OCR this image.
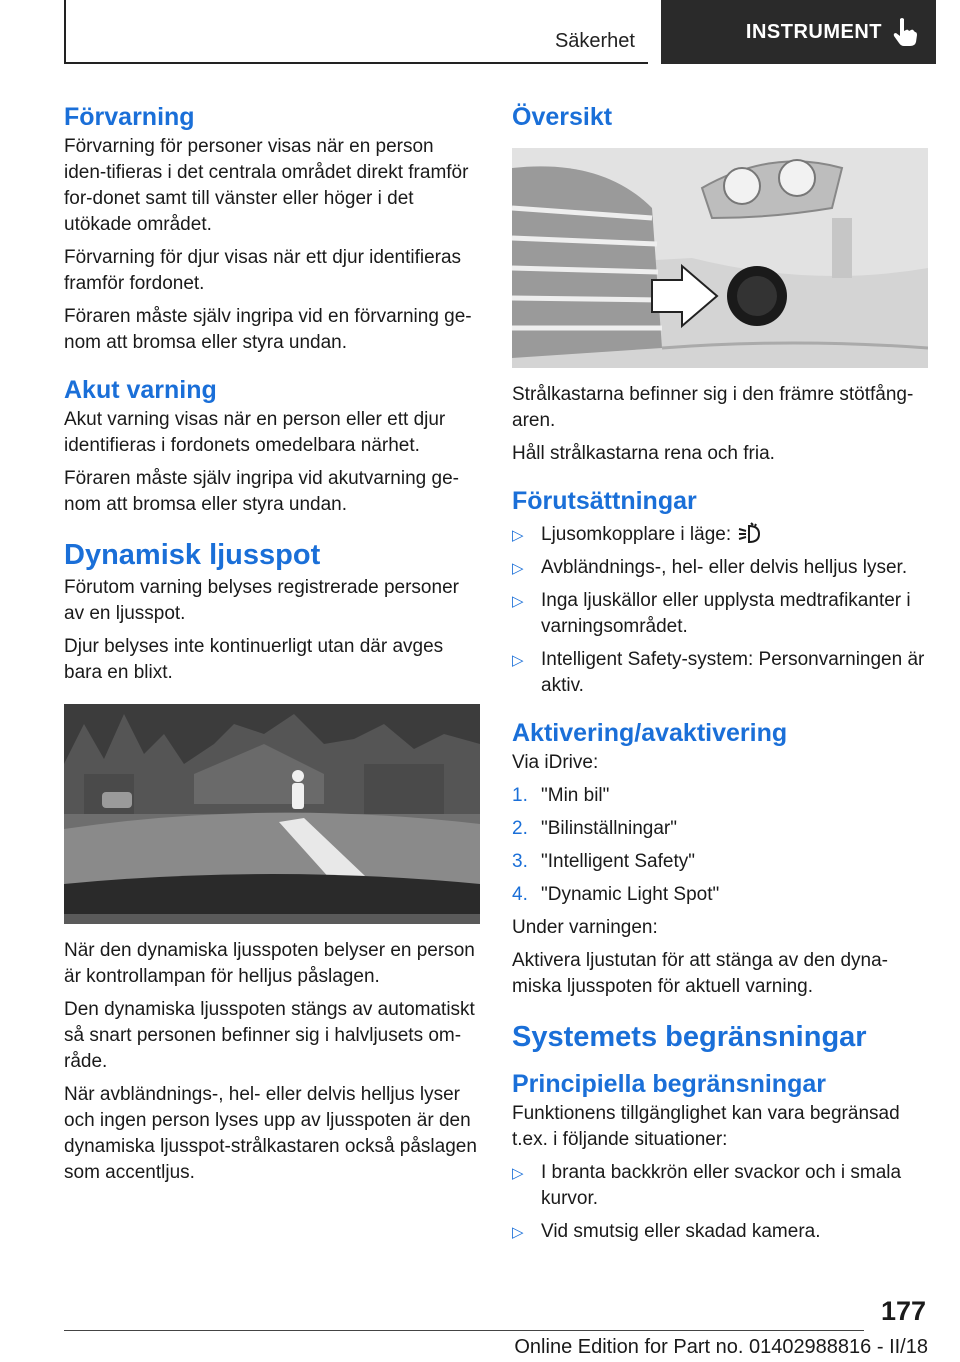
Säkerhet	INSTRUMENT
Förvarning

Förvarning för personer visas när en person iden-tifieras i det centrala området direkt framför for-donet samt till vänster eller höger i det utökade området.

Förvarning för djur visas när ett djur identifieras framför fordonet.

Föraren måste själv ingripa vid en förvarning ge-nom att bromsa eller styra undan.

Akut varning

Akut varning visas när en person eller ett djur identifieras i fordonets omedelbara närhet.

Föraren måste själv ingripa vid akutvarning ge-nom att bromsa eller styra undan.

Dynamisk ljusspot

Förutom varning belyses registrerade personer av en ljusspot.

Djur belyses inte kontinuerligt utan där avges bara en blixt.

När den dynamiska ljusspoten belyser en person är kontrollampan för helljus påslagen.

Den dynamiska ljusspoten stängs av automatiskt så snart personen befinner sig i halvljusets om-råde.

När avbländnings-, hel- eller delvis helljus lyser och ingen person lyses upp av ljusspoten är den dynamiska ljusspot-strålkastaren också påslagen som accentljus.

Översikt

Strålkastarna befinner sig i den främre stötfång-aren.

Håll strålkastarna rena och fria.

Förutsättningar
▷ Ljusomkopplare i läge:
▷ Avbländnings-, hel- eller delvis helljus lyser.
▷ Inga ljuskällor eller upplysta medtrafikanter i varningsområdet.
▷ Intelligent Safety-system: Personvarningen är aktiv.
Aktivering/avaktivering

Via iDrive:

1. "Min bil"
2. "Bilinställningar"
3. "Intelligent Safety"
4. "Dynamic Light Spot"

Under varningen:

Aktivera ljustutan för att stänga av den dyna-miska ljusspoten för aktuell varning.

Systemets begränsningar
Principiella begränsningar

Funktionens tillgänglighet kan vara begränsad t.ex. i följande situationer:

▷ I branta backkrön eller svackor och i smala kurvor.
▷ Vid smutsig eller skadad kamera.
177
Online Edition for Part no. 01402988816 - II/18
